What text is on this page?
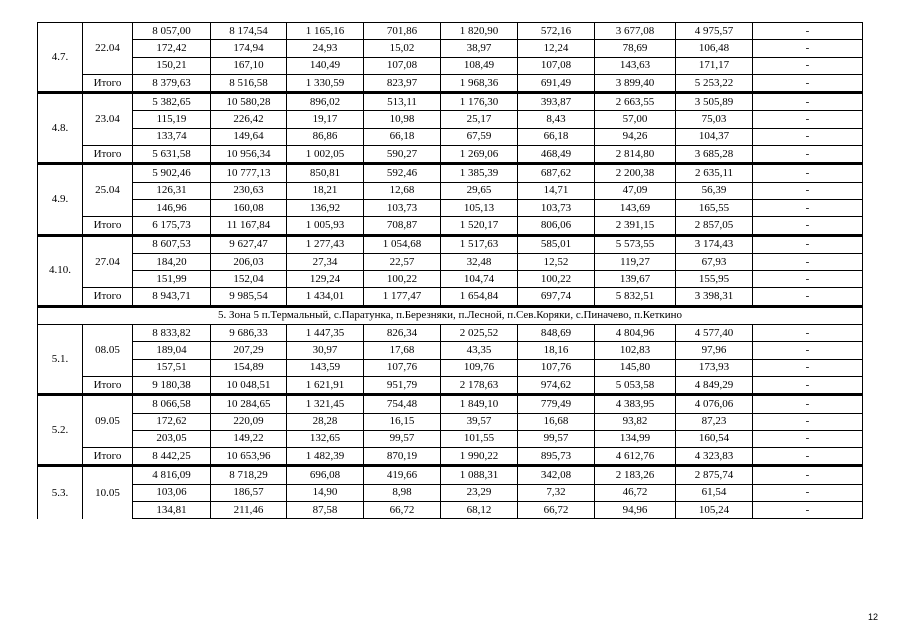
4.7.	22.04	8 057,00	8 174,54	1 165,16	701,86	1 820,90	572,16	3 677,08	4 975,57	-
		172,42	174,94	24,93	15,02	38,97	12,24	78,69	106,48	-
		150,21	167,10	140,49	107,08	108,49	107,08	143,63	171,17	-
	Итого	8 379,63	8 516,58	1 330,59	823,97	1 968,36	691,49	3 899,40	5 253,22	-
4.8.	23.04	5 382,65	10 580,28	896,02	513,11	1 176,30	393,87	2 663,55	3 505,89	-
		115,19	226,42	19,17	10,98	25,17	8,43	57,00	75,03	-
		133,74	149,64	86,86	66,18	67,59	66,18	94,26	104,37	-
	Итого	5 631,58	10 956,34	1 002,05	590,27	1 269,06	468,49	2 814,80	3 685,28	-
4.9.	25.04	5 902,46	10 777,13	850,81	592,46	1 385,39	687,62	2 200,38	2 635,11	-
		126,31	230,63	18,21	12,68	29,65	14,71	47,09	56,39	-
		146,96	160,08	136,92	103,73	105,13	103,73	143,69	165,55	-
	Итого	6 175,73	11 167,84	1 005,93	708,87	1 520,17	806,06	2 391,15	2 857,05	-
4.10.	27.04	8 607,53	9 627,47	1 277,43	1 054,68	1 517,63	585,01	5 573,55	3 174,43	-
		184,20	206,03	27,34	22,57	32,48	12,52	119,27	67,93	-
		151,99	152,04	129,24	100,22	104,74	100,22	139,67	155,95	-
	Итого	8 943,71	9 985,54	1 434,01	1 177,47	1 654,84	697,74	5 832,51	3 398,31	-
5. Зона 5 п.Термальный, с.Паратунка, п.Березняки, п.Лесной, п.Сев.Коряки, с.Пиначево, п.Кеткино										
5.1.	08.05	8 833,82	9 686,33	1 447,35	826,34	2 025,52	848,69	4 804,96	4 577,40	-
		189,04	207,29	30,97	17,68	43,35	18,16	102,83	97,96	-
		157,51	154,89	143,59	107,76	109,76	107,76	145,80	173,93	-
	Итого	9 180,38	10 048,51	1 621,91	951,79	2 178,63	974,62	5 053,58	4 849,29	-
5.2.	09.05	8 066,58	10 284,65	1 321,45	754,48	1 849,10	779,49	4 383,95	4 076,06	-
		172,62	220,09	28,28	16,15	39,57	16,68	93,82	87,23	-
		203,05	149,22	132,65	99,57	101,55	99,57	134,99	160,54	-
	Итого	8 442,25	10 653,96	1 482,39	870,19	1 990,22	895,73	4 612,76	4 323,83	-
5.3.	10.05	4 816,09	8 718,29	696,08	419,66	1 088,31	342,08	2 183,26	2 875,74	-
		103,06	186,57	14,90	8,98	23,29	7,32	46,72	61,54	-
		134,81	211,46	87,58	66,72	68,12	66,72	94,96	105,24	-
12
